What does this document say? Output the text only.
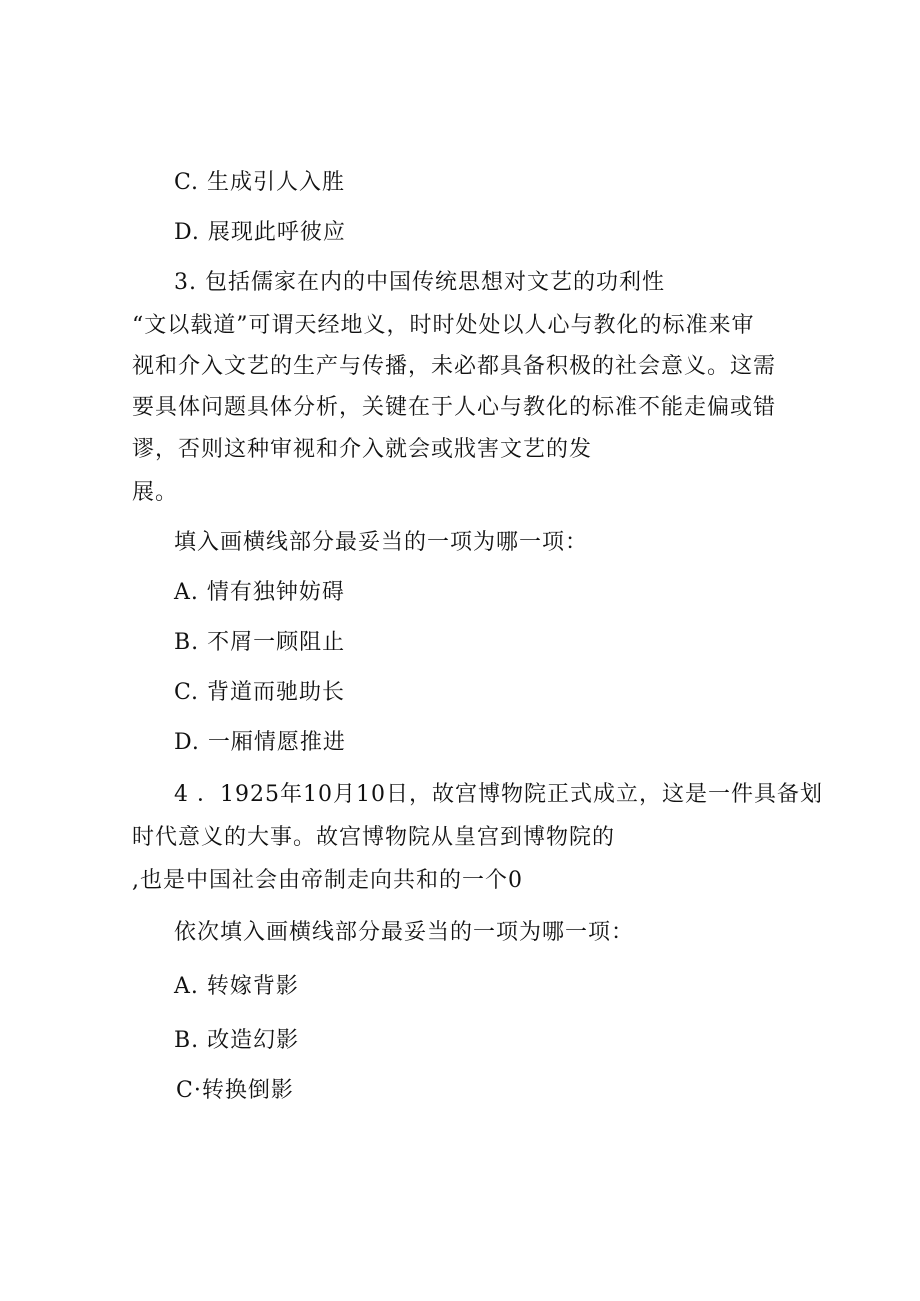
C. 生成引人入胜
D. 展现此呼彼应
3. 包括儒家在内的中国传统思想对文艺的功利性
“文以载道”可谓天经地义，时时处处以人心与教化的标准来审
视和介入文艺的生产与传播，未必都具备积极的社会意义。这需
要具体问题具体分析，关键在于人心与教化的标准不能走偏或错
谬，否则这种审视和介入就会或戕害文艺的发
展。
填入画横线部分最妥当的一项为哪一项：
A. 情有独钟妨碍
B. 不屑一顾阻止
C. 背道而驰助长
D. 一厢情愿推进
4 ．1925年10月10日，故宫博物院正式成立，这是一件具备划
时代意义的大事。故宫博物院从皇宫到博物院的
,也是中国社会由帝制走向共和的一个0
依次填入画横线部分最妥当的一项为哪一项：
A. 转嫁背影
B. 改造幻影
C·转换倒影
